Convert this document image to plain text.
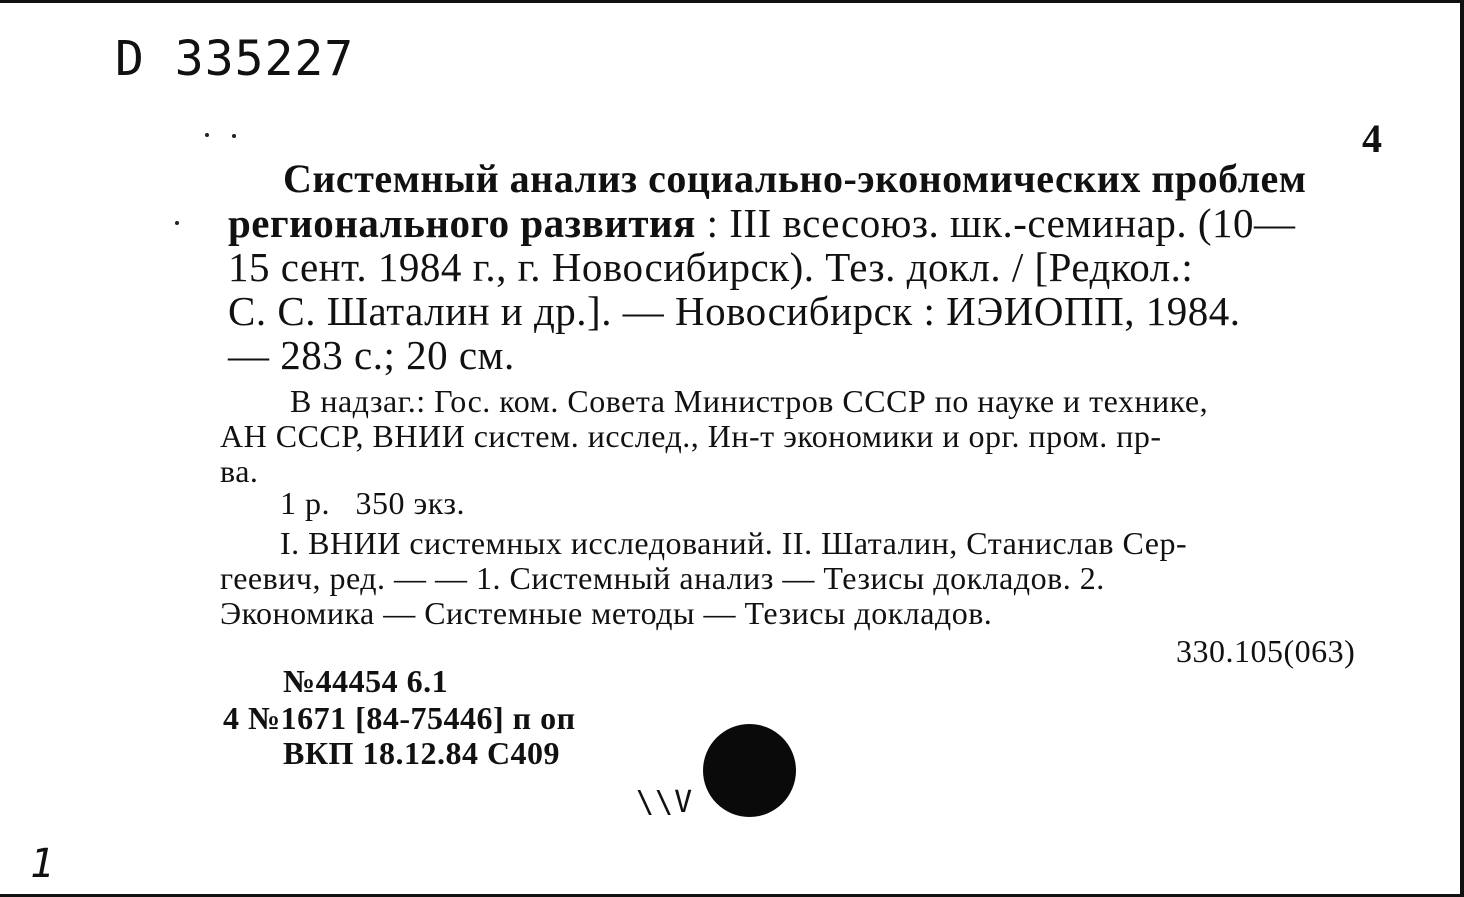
D 335227
4
Системный анализ социально-экономических проблем
регионального развития : III всесоюз. шк.-семинар. (10—
15 сент. 1984 г., г. Новосибирск). Тез. докл. / [Редкол.:
С. С. Шаталин и др.]. — Новосибирск : ИЭИОПП, 1984.
— 283 с.; 20 см.
В надзаг.: Гос. ком. Совета Министров СССР по науке и технике,
АН СССР, ВНИИ систем. исслед., Ин-т экономики и орг. пром. пр-
ва.
1 р.   350 экз.
I. ВНИИ системных исследований. II. Шаталин, Станислав Сер-
геевич, ред. — — 1. Системный анализ — Тезисы докладов. 2.
Экономика — Системные методы — Тезисы докладов.
330.105(063)
№44454 6.1
4 №1671 [84-75446] п оп
ВКП 18.12.84 С409
\\V
1
